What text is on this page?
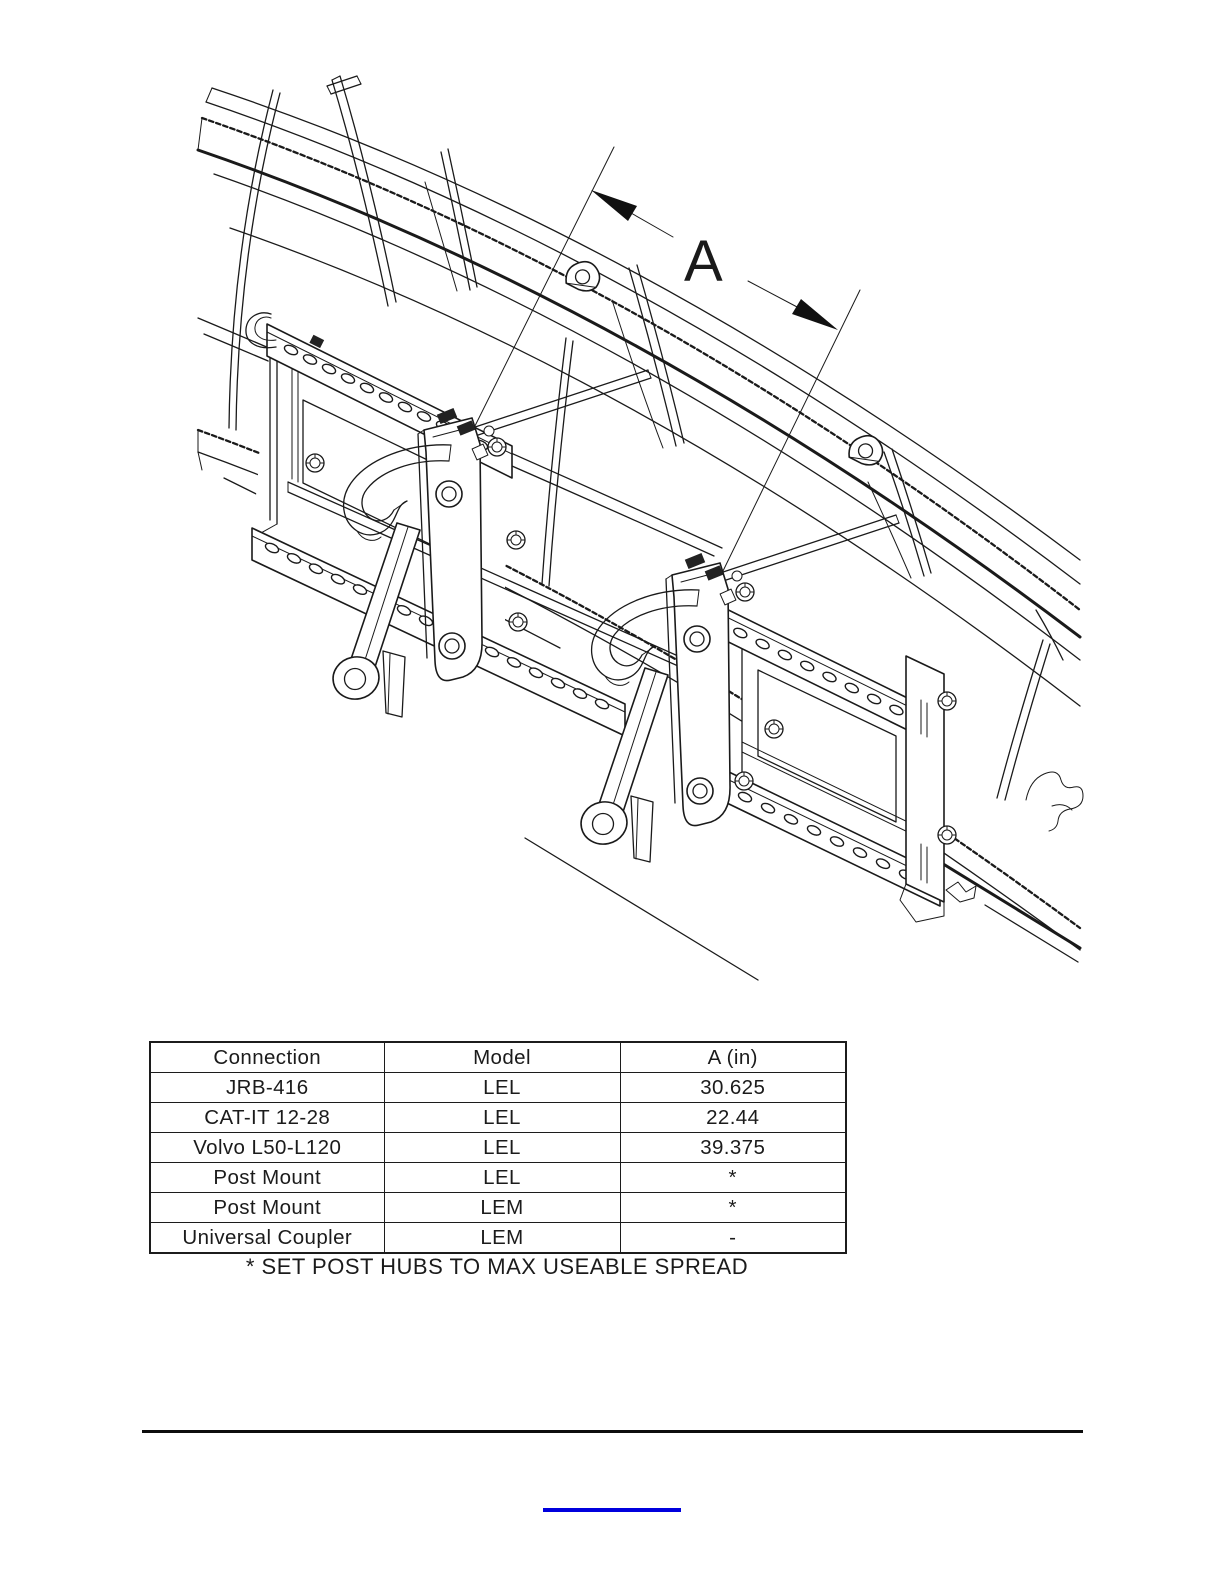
A
Connection	Model	A (in)
JRB-416	LEL	30.625
CAT-IT 12-28	LEL	22.44
Volvo L50-L120	LEL	39.375
Post Mount	LEL	*
Post Mount	LEM	*
Universal Coupler	LEM	-
* SET POST HUBS TO MAX USEABLE SPREAD
